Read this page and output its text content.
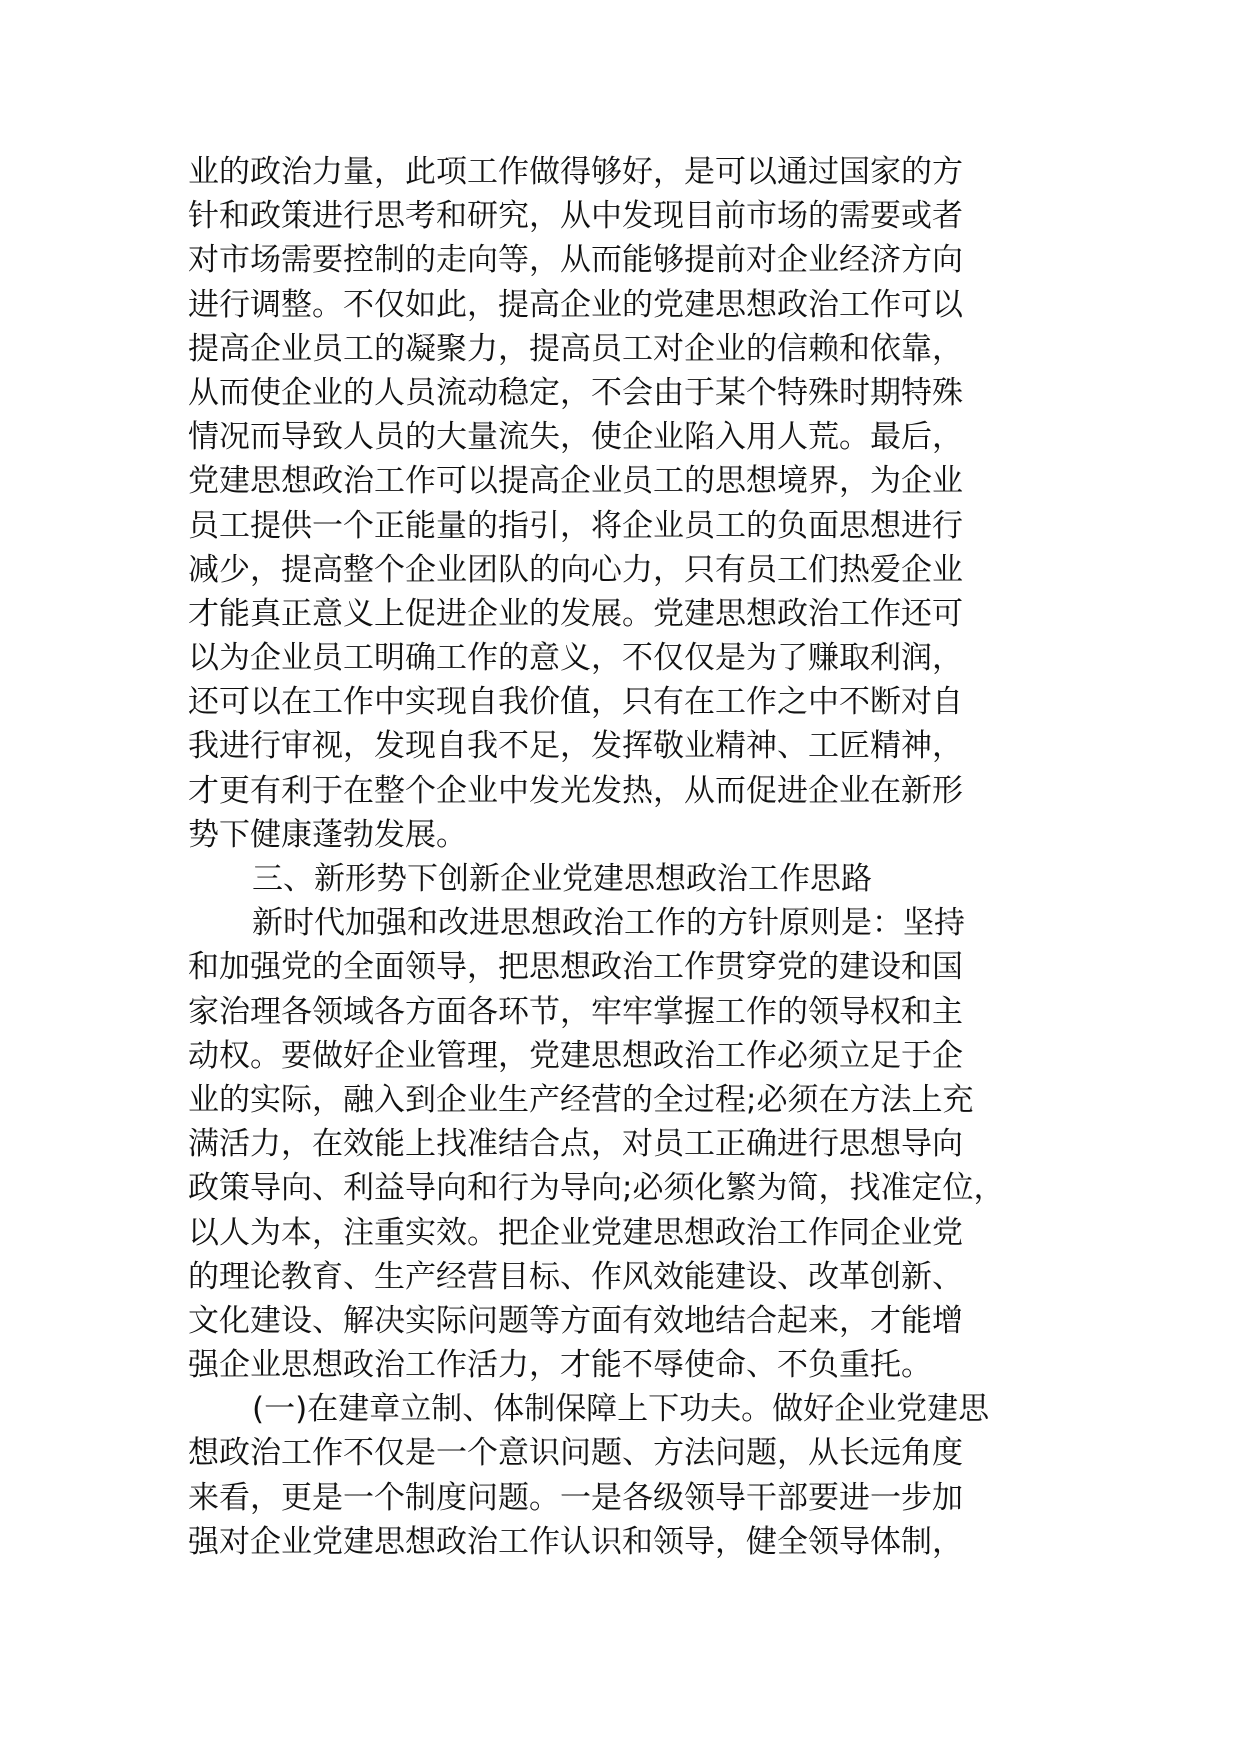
业的政治力量，此项工作做得够好，是可以通过国家的方
针和政策进行思考和研究，从中发现目前市场的需要或者
对市场需要控制的走向等，从而能够提前对企业经济方向
进行调整。不仅如此，提高企业的党建思想政治工作可以
提高企业员工的凝聚力，提高员工对企业的信赖和依靠，
从而使企业的人员流动稳定，不会由于某个特殊时期特殊
情况而导致人员的大量流失，使企业陷入用人荒。最后，
党建思想政治工作可以提高企业员工的思想境界，为企业
员工提供一个正能量的指引，将企业员工的负面思想进行
减少，提高整个企业团队的向心力，只有员工们热爱企业
才能真正意义上促进企业的发展。党建思想政治工作还可
以为企业员工明确工作的意义，不仅仅是为了赚取利润，
还可以在工作中实现自我价值，只有在工作之中不断对自
我进行审视，发现自我不足，发挥敬业精神、工匠精神，
才更有利于在整个企业中发光发热，从而促进企业在新形
势下健康蓬勃发展。
三、新形势下创新企业党建思想政治工作思路
新时代加强和改进思想政治工作的方针原则是：坚持
和加强党的全面领导，把思想政治工作贯穿党的建设和国
家治理各领域各方面各环节，牢牢掌握工作的领导权和主
动权。要做好企业管理，党建思想政治工作必须立足于企
业的实际，融入到企业生产经营的全过程;必须在方法上充
满活力，在效能上找准结合点，对员工正确进行思想导向
政策导向、利益导向和行为导向;必须化繁为简，找准定位，
以人为本，注重实效。把企业党建思想政治工作同企业党
的理论教育、生产经营目标、作风效能建设、改革创新、
文化建设、解决实际问题等方面有效地结合起来，才能增
强企业思想政治工作活力，才能不辱使命、不负重托。
(一)在建章立制、体制保障上下功夫。做好企业党建思
想政治工作不仅是一个意识问题、方法问题，从长远角度
来看，更是一个制度问题。一是各级领导干部要进一步加
强对企业党建思想政治工作认识和领导，健全领导体制，
